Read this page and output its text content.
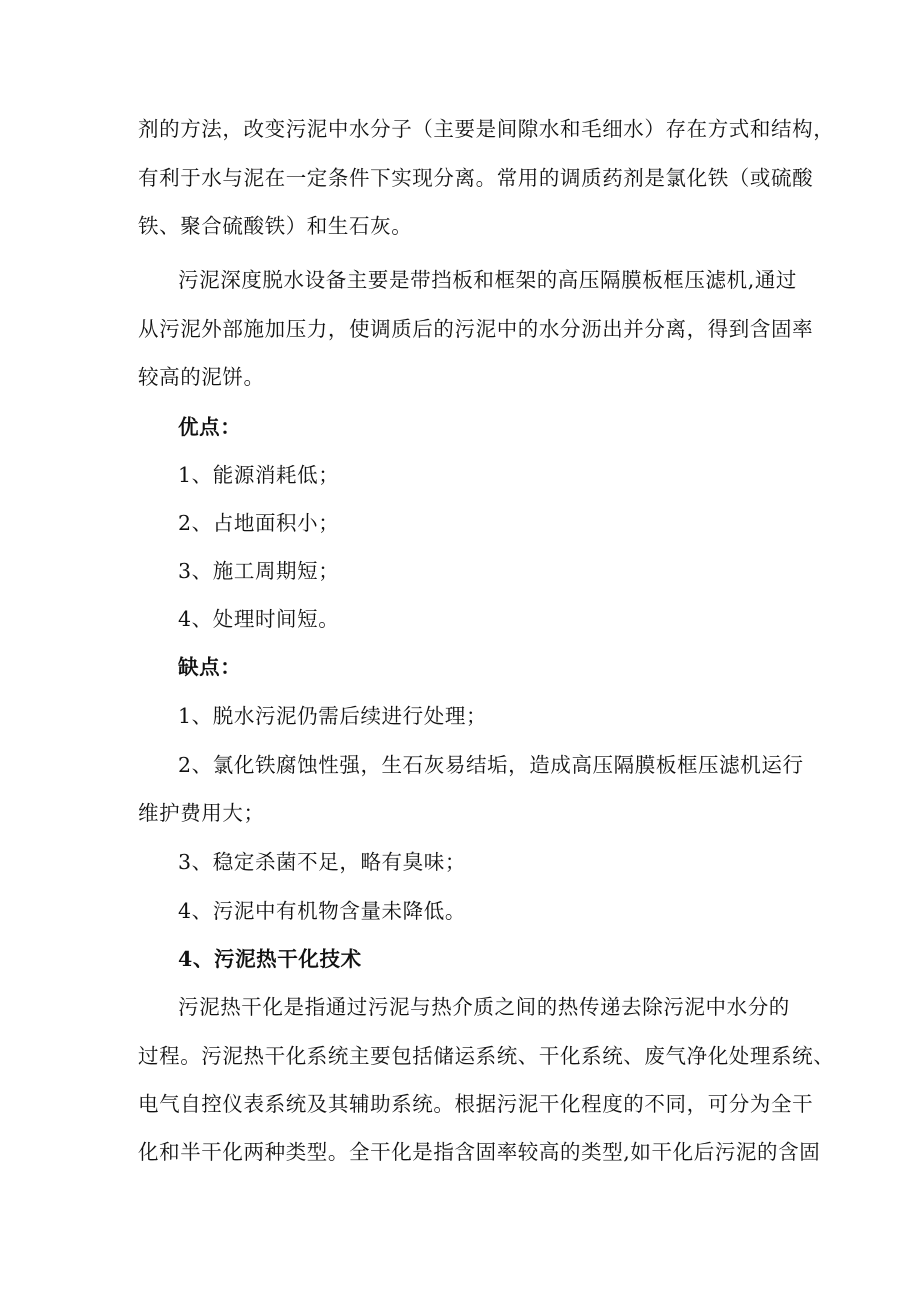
剂的方法，改变污泥中水分子（主要是间隙水和毛细水）存在方式和结构，
有利于水与泥在一定条件下实现分离。常用的调质药剂是氯化铁（或硫酸
铁、聚合硫酸铁）和生石灰。
污泥深度脱水设备主要是带挡板和框架的高压隔膜板框压滤机,通过
从污泥外部施加压力，使调质后的污泥中的水分沥出并分离，得到含固率
较高的泥饼。
优点：
1、能源消耗低；
2、占地面积小；
3、施工周期短；
4、处理时间短。
缺点：
1、脱水污泥仍需后续进行处理；
2、氯化铁腐蚀性强，生石灰易结垢，造成高压隔膜板框压滤机运行
维护费用大；
3、稳定杀菌不足，略有臭味；
4、污泥中有机物含量未降低。
4、污泥热干化技术
污泥热干化是指通过污泥与热介质之间的热传递去除污泥中水分的
过程。污泥热干化系统主要包括储运系统、干化系统、废气净化处理系统、
电气自控仪表系统及其辅助系统。根据污泥干化程度的不同，可分为全干
化和半干化两种类型。全干化是指含固率较高的类型,如干化后污泥的含固
